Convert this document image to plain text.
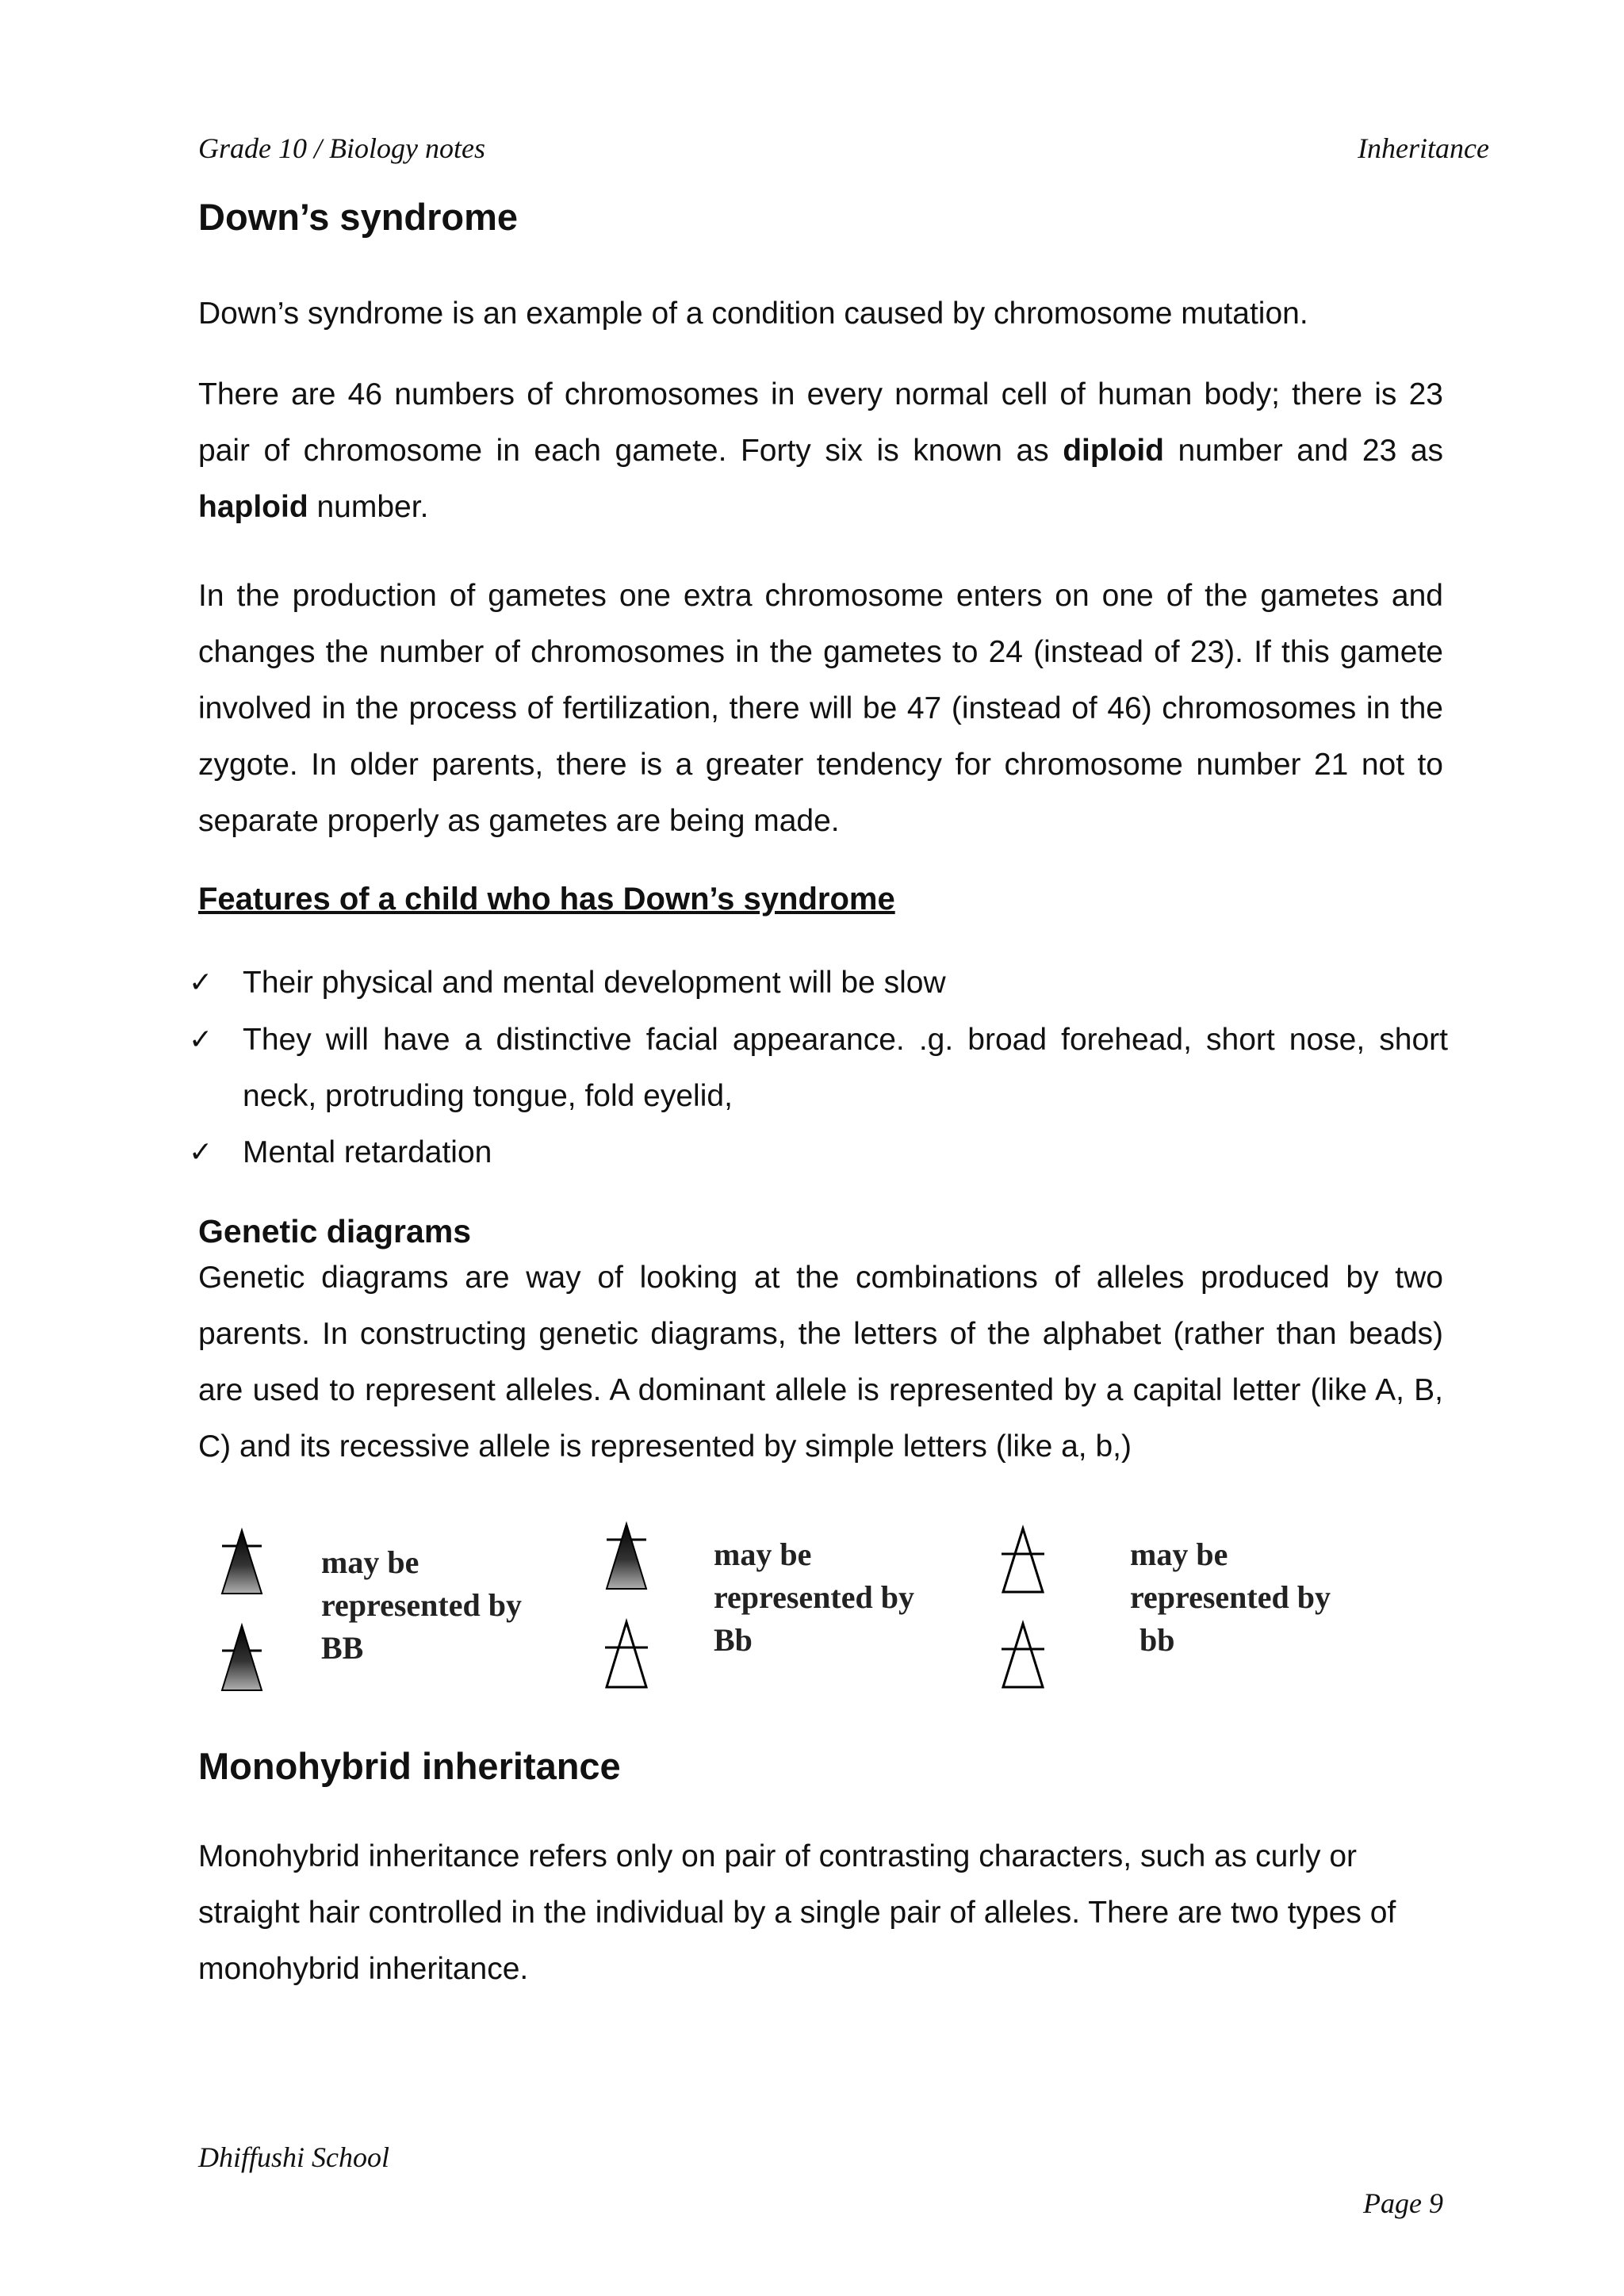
Grade 10 / Biology notes	Inheritance
Down’s syndrome

Down’s syndrome is an example of a condition caused by chromosome mutation.

There are 46 numbers of chromosomes in every normal cell of human body; there is 23 pair of chromosome in each gamete. Forty six is known as diploid number and 23 as haploid number.

In the production of gametes one extra chromosome enters on one of the gametes and changes the number of chromosomes in the gametes to 24 (instead of 23). If this gamete involved in the process of fertilization, there will be 47 (instead of 46) chromosomes in the zygote. In older parents, there is a greater tendency for chromosome number 21 not to separate properly as gametes are being made.

Features of a child who has Down’s syndrome
✓ Their physical and mental development will be slow
✓ They will have a distinctive facial appearance. .g. broad forehead, short nose, short neck, protruding tongue, fold eyelid,
✓ Mental retardation
Genetic diagrams

Genetic diagrams are way of looking at the combinations of alleles produced by two parents. In constructing genetic diagrams, the letters of the alphabet (rather than beads) are used to represent alleles. A dominant allele is represented by a capital letter (like A, B, C) and its recessive allele is represented by simple letters (like a, b,)

may be
represented by
BB
may be
represented by
Bb
may be
represented by
bb
Monohybrid inheritance

Monohybrid inheritance refers only on pair of contrasting characters, such as curly or straight hair controlled in the individual by a single pair of alleles. There are two types of monohybrid inheritance.

Dhiffushi School
Page 9
